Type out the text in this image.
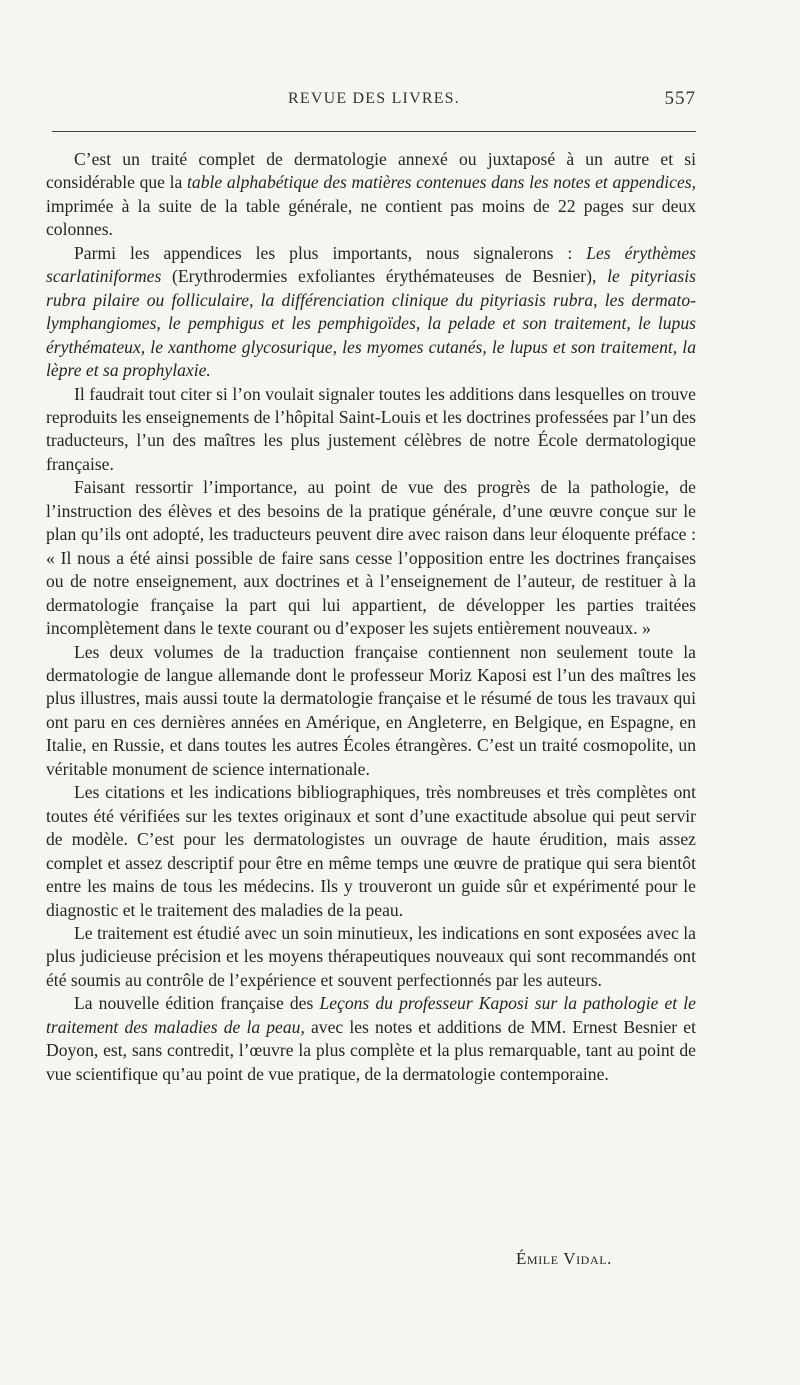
REVUE DES LIVRES.	557

C’est un traité complet de dermatologie annexé ou juxtaposé à un autre et si considérable que la table alphabétique des matières contenues dans les notes et appendices, imprimée à la suite de la table générale, ne contient pas moins de 22 pages sur deux colonnes.

Parmi les appendices les plus importants, nous signalerons : Les érythèmes scarlatiniformes (Erythrodermies exfoliantes érythémateuses de Besnier), le pityriasis rubra pilaire ou folliculaire, la différenciation clinique du pityriasis rubra, les dermato-lymphangiomes, le pemphigus et les pemphigoïdes, la pelade et son traitement, le lupus érythémateux, le xanthome glycosurique, les myomes cutanés, le lupus et son traitement, la lèpre et sa prophylaxie.

Il faudrait tout citer si l’on voulait signaler toutes les additions dans lesquelles on trouve reproduits les enseignements de l’hôpital Saint-Louis et les doctrines professées par l’un des traducteurs, l’un des maîtres les plus justement célèbres de notre École dermatologique française.

Faisant ressortir l’importance, au point de vue des progrès de la pathologie, de l’instruction des élèves et des besoins de la pratique générale, d’une œuvre conçue sur le plan qu’ils ont adopté, les traducteurs peuvent dire avec raison dans leur éloquente préface : « Il nous a été ainsi possible de faire sans cesse l’opposition entre les doctrines françaises ou de notre enseignement, aux doctrines et à l’enseignement de l’auteur, de restituer à la dermatologie française la part qui lui appartient, de développer les parties traitées incomplètement dans le texte courant ou d’exposer les sujets entièrement nouveaux. »

Les deux volumes de la traduction française contiennent non seulement toute la dermatologie de langue allemande dont le professeur Moriz Kaposi est l’un des maîtres les plus illustres, mais aussi toute la dermatologie française et le résumé de tous les travaux qui ont paru en ces dernières années en Amérique, en Angleterre, en Belgique, en Espagne, en Italie, en Russie, et dans toutes les autres Écoles étrangères. C’est un traité cosmopolite, un véritable monument de science internationale.

Les citations et les indications bibliographiques, très nombreuses et très complètes ont toutes été vérifiées sur les textes originaux et sont d’une exactitude absolue qui peut servir de modèle. C’est pour les dermatologistes un ouvrage de haute érudition, mais assez complet et assez descriptif pour être en même temps une œuvre de pratique qui sera bientôt entre les mains de tous les médecins. Ils y trouveront un guide sûr et expérimenté pour le diagnostic et le traitement des maladies de la peau.

Le traitement est étudié avec un soin minutieux, les indications en sont exposées avec la plus judicieuse précision et les moyens thérapeutiques nouveaux qui sont recommandés ont été soumis au contrôle de l’expérience et souvent perfectionnés par les auteurs.

La nouvelle édition française des Leçons du professeur Kaposi sur la pathologie et le traitement des maladies de la peau, avec les notes et additions de MM. Ernest Besnier et Doyon, est, sans contredit, l’œuvre la plus complète et la plus remarquable, tant au point de vue scientifique qu’au point de vue pratique, de la dermatologie contemporaine.

Émile Vidal.
